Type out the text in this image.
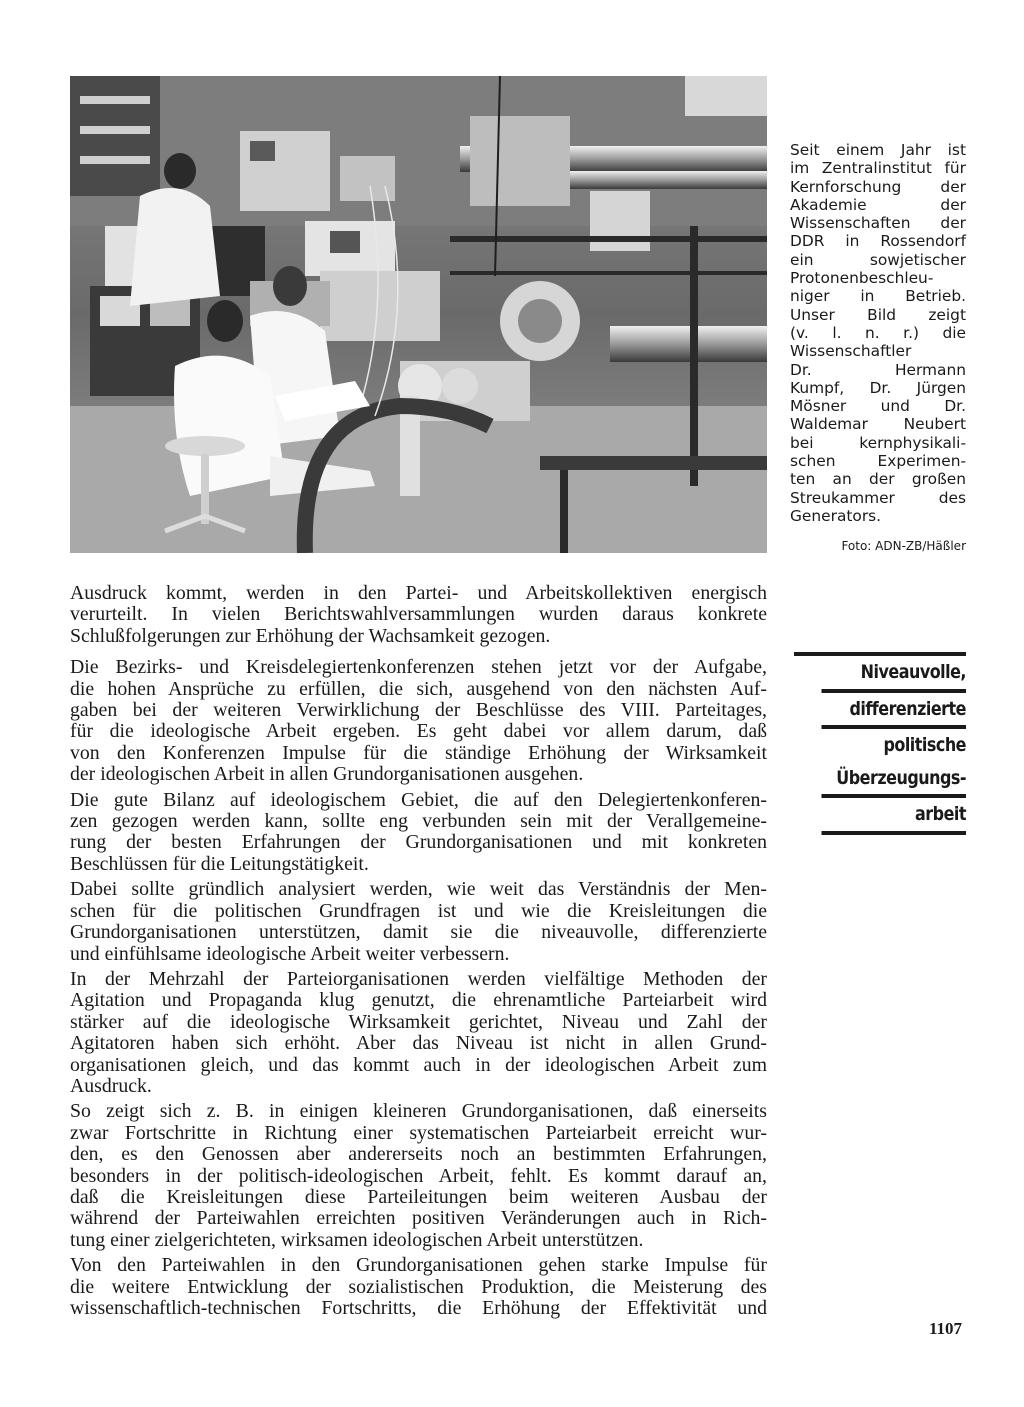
Seit einem Jahr ist
im Zentralinstitut für
Kernforschung der
Akademie der
Wissenschaften der
DDR in Rossendorf
ein sowjetischer
Protonenbeschleu-
niger in Betrieb.
Unser Bild zeigt
(v. l. n. r.) die
Wissenschaftler
Dr. Hermann
Kumpf, Dr. Jürgen
Mösner und Dr.
Waldemar Neubert
bei kernphysikali-
schen Experimen-
ten an der großen
Streukammer des
Generators.
Foto: ADN-ZB/Häßler
Niveauvolle,
differenzierte
politische
Überzeugungs-
arbeit
Ausdruck kommt, werden in den Partei- und Arbeitskollektiven energisch
verurteilt. In vielen Berichtswahlversammlungen wurden daraus konkrete
Schlußfolgerungen zur Erhöhung der Wachsamkeit gezogen.
Die Bezirks- und Kreisdelegiertenkonferenzen stehen jetzt vor der Aufgabe,
die hohen Ansprüche zu erfüllen, die sich, ausgehend von den nächsten Auf-
gaben bei der weiteren Verwirklichung der Beschlüsse des VIII. Parteitages,
für die ideologische Arbeit ergeben. Es geht dabei vor allem darum, daß
von den Konferenzen Impulse für die ständige Erhöhung der Wirksamkeit
der ideologischen Arbeit in allen Grundorganisationen ausgehen.
Die gute Bilanz auf ideologischem Gebiet, die auf den Delegiertenkonferen-
zen gezogen werden kann, sollte eng verbunden sein mit der Verallgemeine-
rung der besten Erfahrungen der Grundorganisationen und mit konkreten
Beschlüssen für die Leitungstätigkeit.
Dabei sollte gründlich analysiert werden, wie weit das Verständnis der Men-
schen für die politischen Grundfragen ist und wie die Kreisleitungen die
Grundorganisationen unterstützen, damit sie die niveauvolle, differenzierte
und einfühlsame ideologische Arbeit weiter verbessern.
In der Mehrzahl der Parteiorganisationen werden vielfältige Methoden der
Agitation und Propaganda klug genutzt, die ehrenamtliche Parteiarbeit wird
stärker auf die ideologische Wirksamkeit gerichtet, Niveau und Zahl der
Agitatoren haben sich erhöht. Aber das Niveau ist nicht in allen Grund-
organisationen gleich, und das kommt auch in der ideologischen Arbeit zum
Ausdruck.
So zeigt sich z. B. in einigen kleineren Grundorganisationen, daß einerseits
zwar Fortschritte in Richtung einer systematischen Parteiarbeit erreicht wur-
den, es den Genossen aber andererseits noch an bestimmten Erfahrungen,
besonders in der politisch-ideologischen Arbeit, fehlt. Es kommt darauf an,
daß die Kreisleitungen diese Parteileitungen beim weiteren Ausbau der
während der Parteiwahlen erreichten positiven Veränderungen auch in Rich-
tung einer zielgerichteten, wirksamen ideologischen Arbeit unterstützen.
Von den Parteiwahlen in den Grundorganisationen gehen starke Impulse für
die weitere Entwicklung der sozialistischen Produktion, die Meisterung des
wissenschaftlich-technischen Fortschritts, die Erhöhung der Effektivität und
1107
